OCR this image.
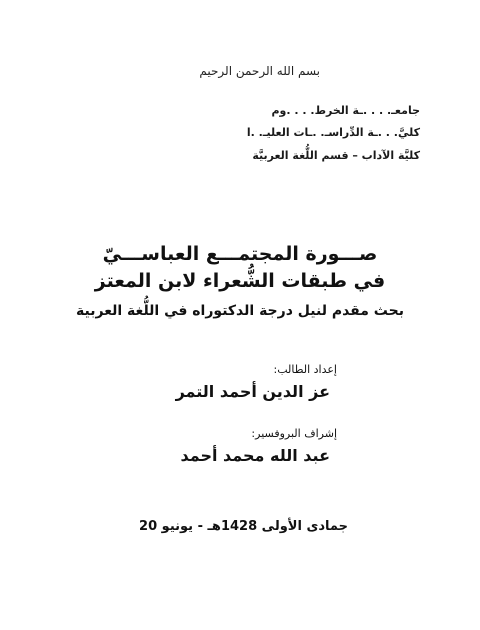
بسم الله الرحمن الرحيم
جامعـ. . . .ـة الخرط. . . .وم
كليَّ. . .ـة الدِّراسـ. .ـات العليـ. .ا
كليَّة الآداب – قسم اللُّغة العربيَّة
صـــورة المجتمـــع العباســـيّ
في طبقات الشُّعراء لابن المعتز
بحث مقدم لنيل درجة الدكتوراه في اللُّغة العربية
إعداد الطالب:
عز الدين أحمد التمر
إشراف البروفسير:
عبد الله محمد أحمد
جمادى الأولى 1428هـ - يونيو 20
